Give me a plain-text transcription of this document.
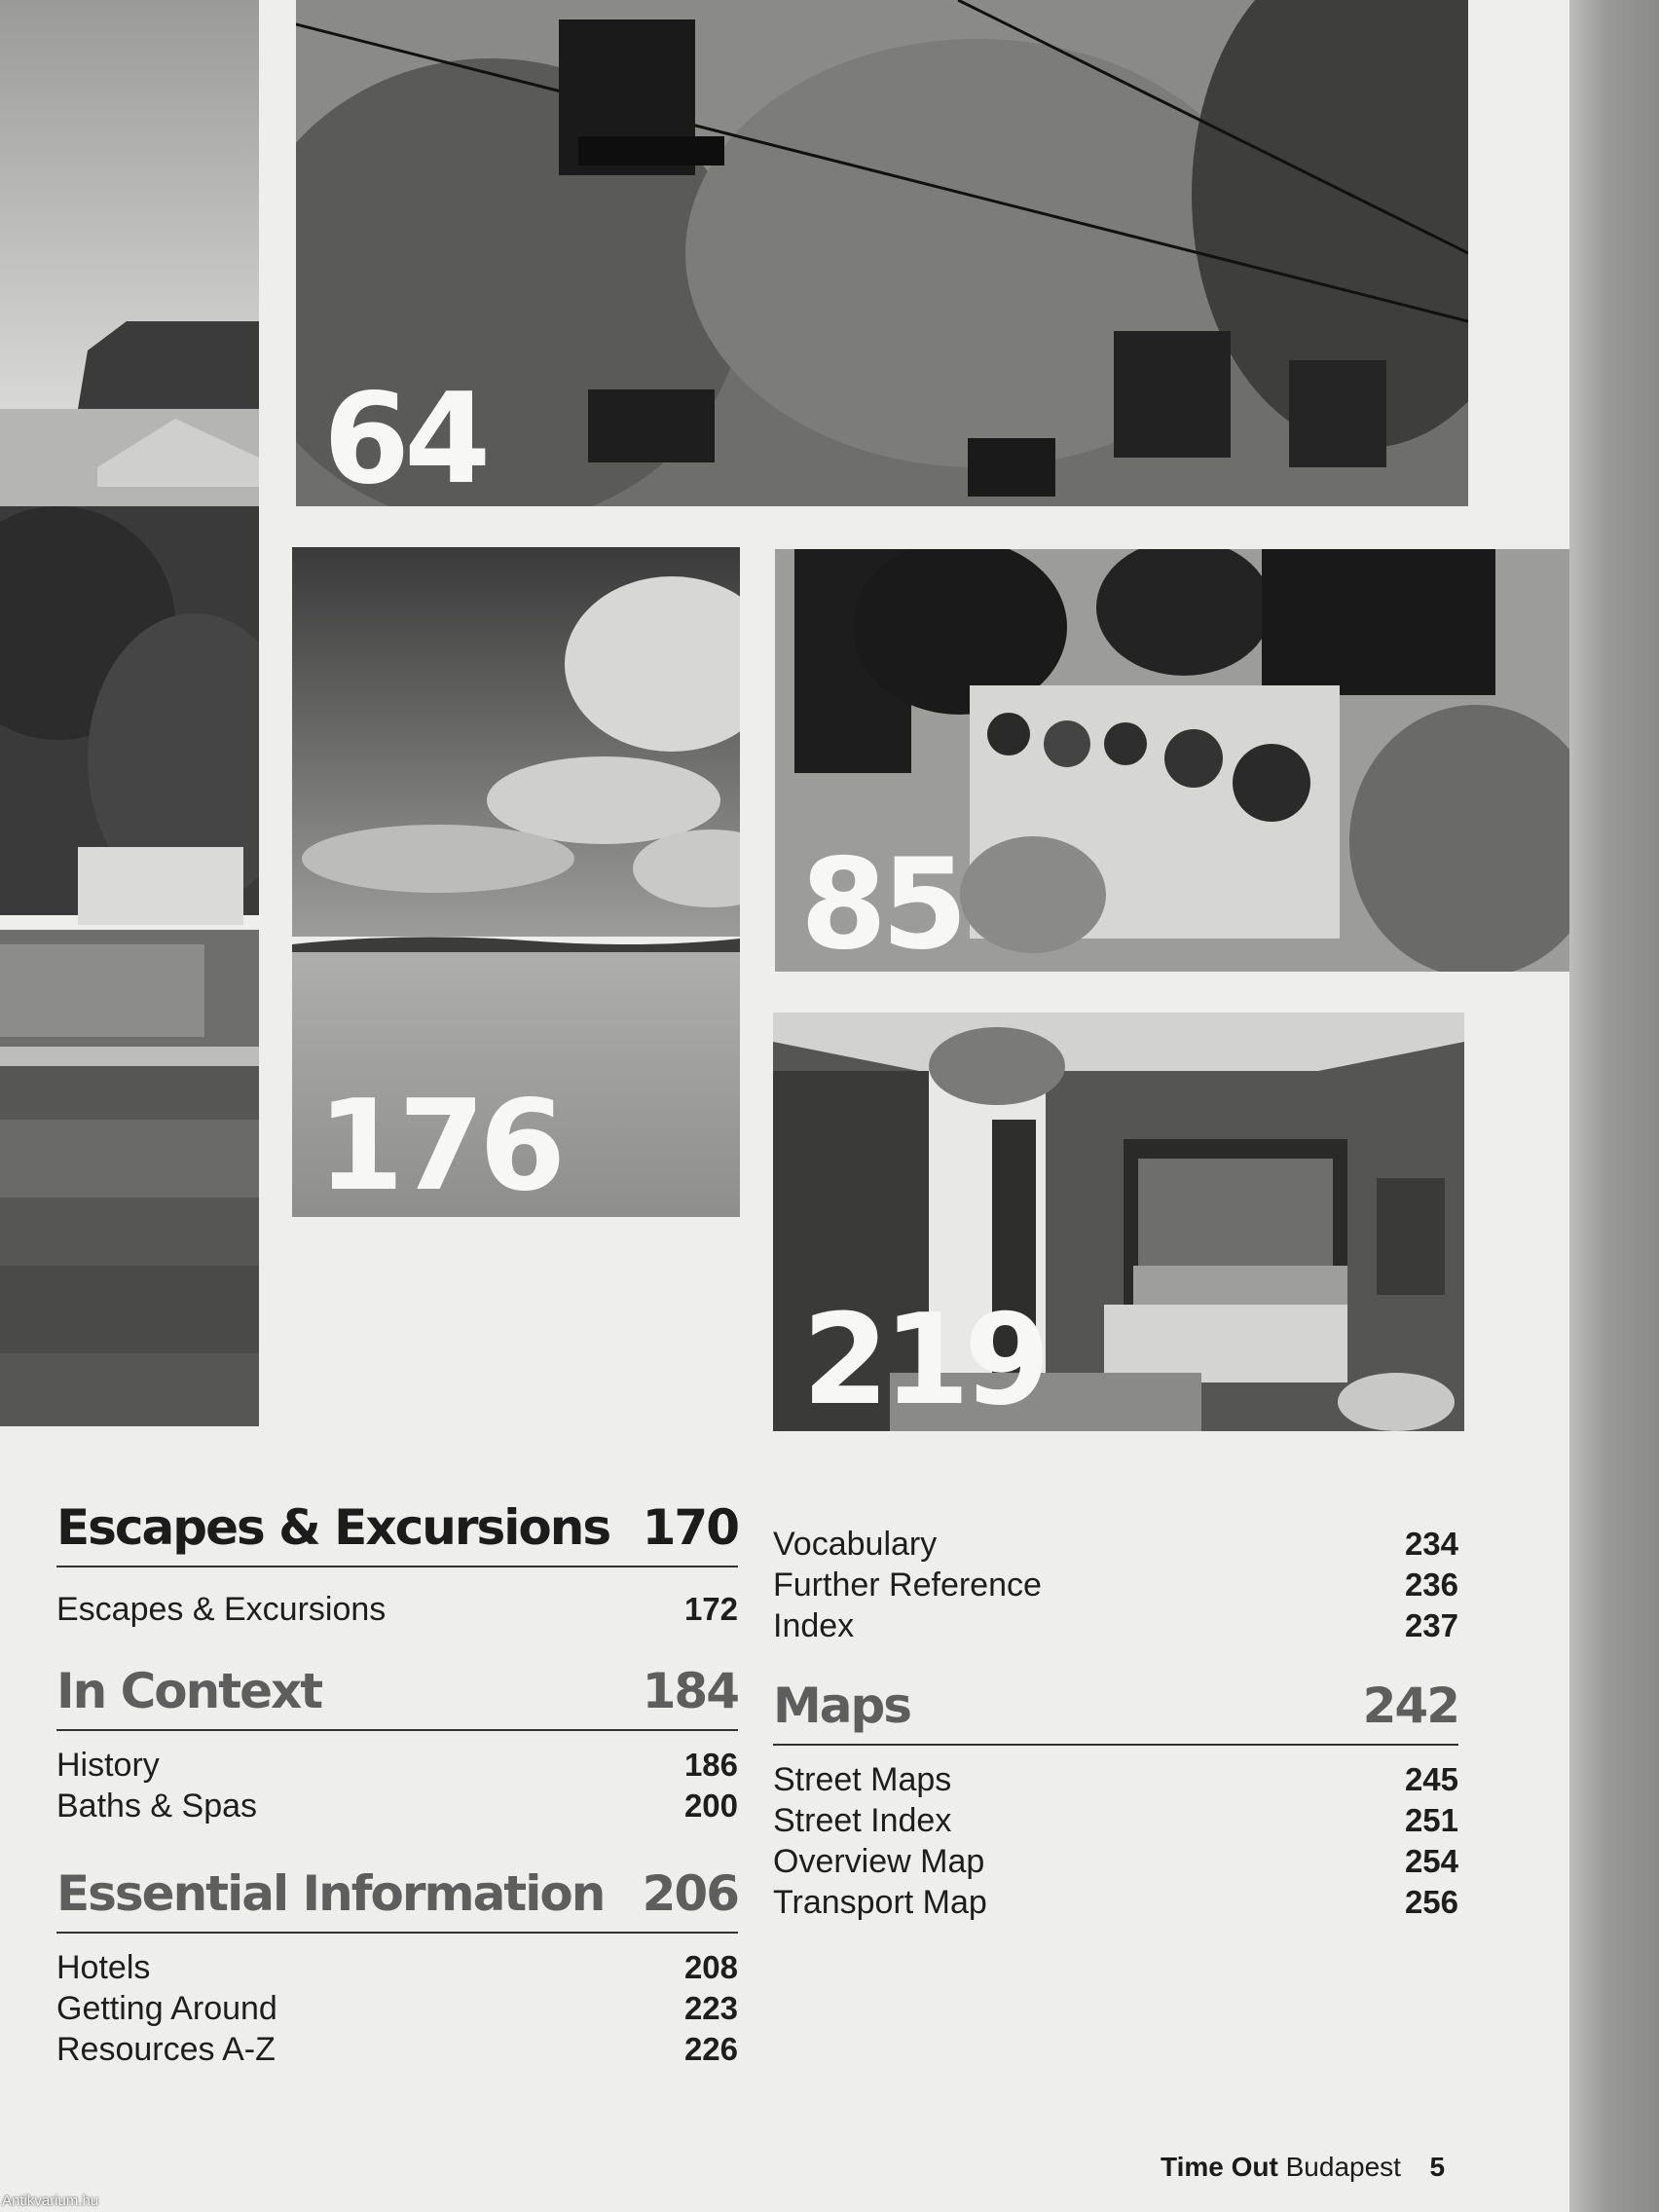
64
176
85
219
Escapes & Excursions 170
Escapes & Excursions	172
In Context	184
History	186
Baths & Spas	200
Essential Information 206
Hotels	208
Getting Around	223
Resources A-Z	226
Vocabulary	234
Further Reference	236
Index	237
Maps	242
Street Maps	245
Street Index	251
Overview Map	254
Transport Map	256
Time Out Budapest 5
Antikvarium.hu
